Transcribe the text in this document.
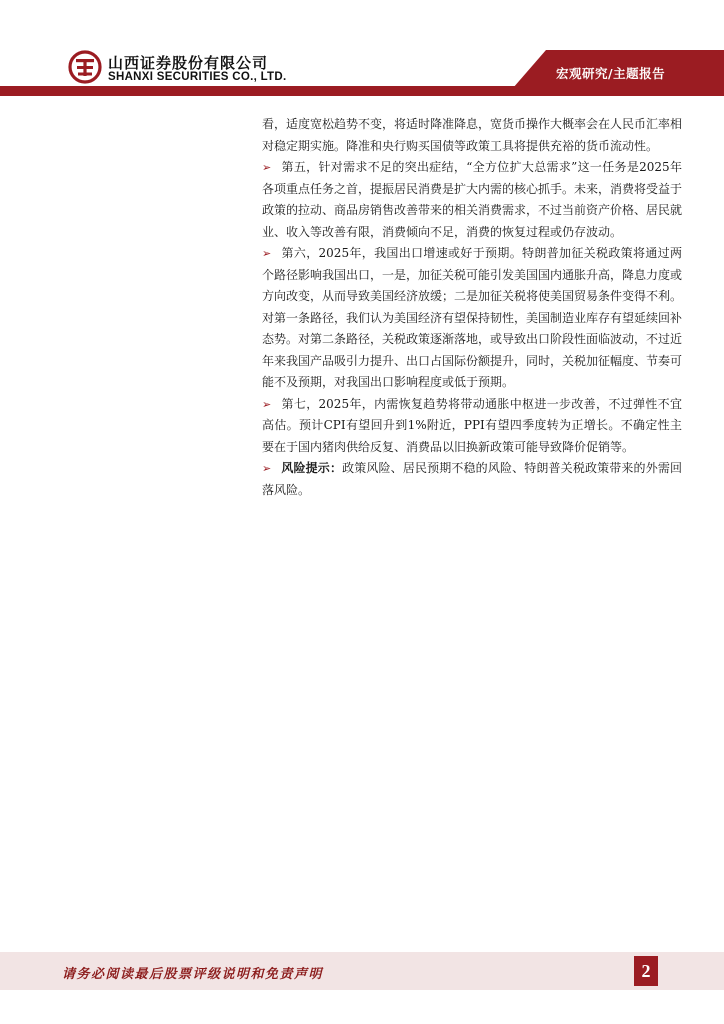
山西证券股份有限公司
SHANXI SECURITIES CO., LTD.	宏观研究/主题报告

看，适度宽松趋势不变，将适时降准降息，宽货币操作大概率会在人民币汇率相对稳定期实施。降准和央行购买国债等政策工具将提供充裕的货币流动性。

➢ 第五，针对需求不足的突出症结，“全方位扩大总需求”这一任务是2025年各项重点任务之首，提振居民消费是扩大内需的核心抓手。未来，消费将受益于政策的拉动、商品房销售改善带来的相关消费需求，不过当前资产价格、居民就业、收入等改善有限，消费倾向不足，消费的恢复过程或仍存波动。

➢ 第六，2025年，我国出口增速或好于预期。特朗普加征关税政策将通过两个路径影响我国出口，一是，加征关税可能引发美国国内通胀升高，降息力度或方向改变，从而导致美国经济放缓；二是加征关税将使美国贸易条件变得不利。对第一条路径，我们认为美国经济有望保持韧性，美国制造业库存有望延续回补态势。对第二条路径，关税政策逐渐落地，或导致出口阶段性面临波动，不过近年来我国产品吸引力提升、出口占国际份额提升，同时，关税加征幅度、节奏可能不及预期，对我国出口影响程度或低于预期。

➢ 第七，2025年，内需恢复趋势将带动通胀中枢进一步改善，不过弹性不宜高估。预计CPI有望回升到1%附近，PPI有望四季度转为正增长。不确定性主要在于国内猪肉供给反复、消费品以旧换新政策可能导致降价促销等。

➢ 风险提示：政策风险、居民预期不稳的风险、特朗普关税政策带来的外需回落风险。

请务必阅读最后股票评级说明和免责声明	2
